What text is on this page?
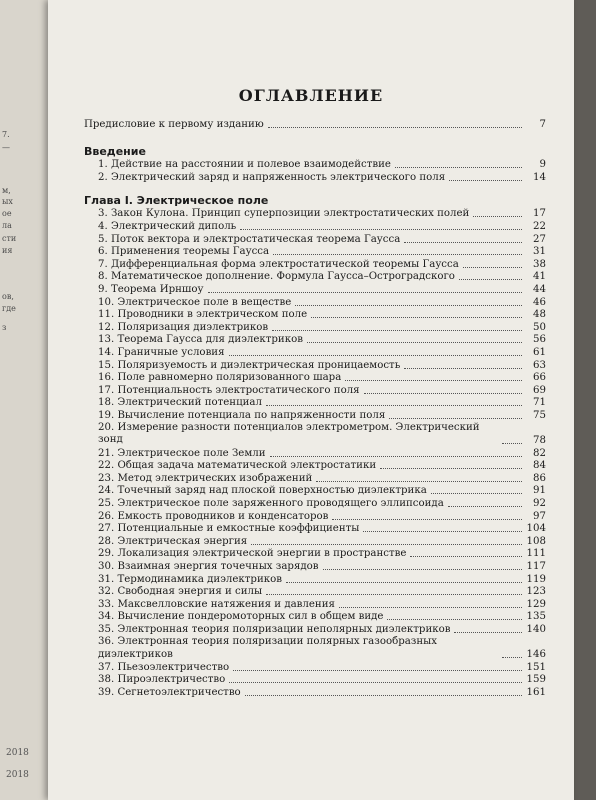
7.
—
м,
ых
ое
ла
сти
ия
ов,
где
з
2018
2018
ОГЛАВЛЕНИЕ
Предисловие к первому изданию	7
Введение
1. Действие на расстоянии и полевое взаимодействие	9
2. Электрический заряд и напряженность электрического поля	14
Глава I. Электрическое поле
3. Закон Кулона. Принцип суперпозиции электростатических полей	17
4. Электрический диполь	22
5. Поток вектора и электростатическая теорема Гаусса	27
6. Применения теоремы Гаусса	31
7. Дифференциальная форма электростатической теоремы Гаусса	38
8. Математическое дополнение. Формула Гаусса–Остроградского	41
9. Теорема Ирншоу	44
10. Электрическое поле в веществе	46
11. Проводники в электрическом поле	48
12. Поляризация диэлектриков	50
13. Теорема Гаусса для диэлектриков	56
14. Граничные условия	61
15. Поляризуемость и диэлектрическая проницаемость	63
16. Поле равномерно поляризованного шара	66
17. Потенциальность электростатического поля	69
18. Электрический потенциал	71
19. Вычисление потенциала по напряженности поля	75
20. Измерение разности потенциалов электрометром. Электрический зонд	78
21. Электрическое поле Земли	82
22. Общая задача математической электростатики	84
23. Метод электрических изображений	86
24. Точечный заряд над плоской поверхностью диэлектрика	91
25. Электрическое поле заряженного проводящего эллипсоида	92
26. Емкость проводников и конденсаторов	97
27. Потенциальные и емкостные коэффициенты	104
28. Электрическая энергия	108
29. Локализация электрической энергии в пространстве	111
30. Взаимная энергия точечных зарядов	117
31. Термодинамика диэлектриков	119
32. Свободная энергия и силы	123
33. Максвелловские натяжения и давления	129
34. Вычисление пондеромоторных сил в общем виде	135
35. Электронная теория поляризации неполярных диэлектриков	140
36. Электронная теория поляризации полярных газообразных диэлектриков	146
37. Пьезоэлектричество	151
38. Пироэлектричество	159
39. Сегнетоэлектричество	161
